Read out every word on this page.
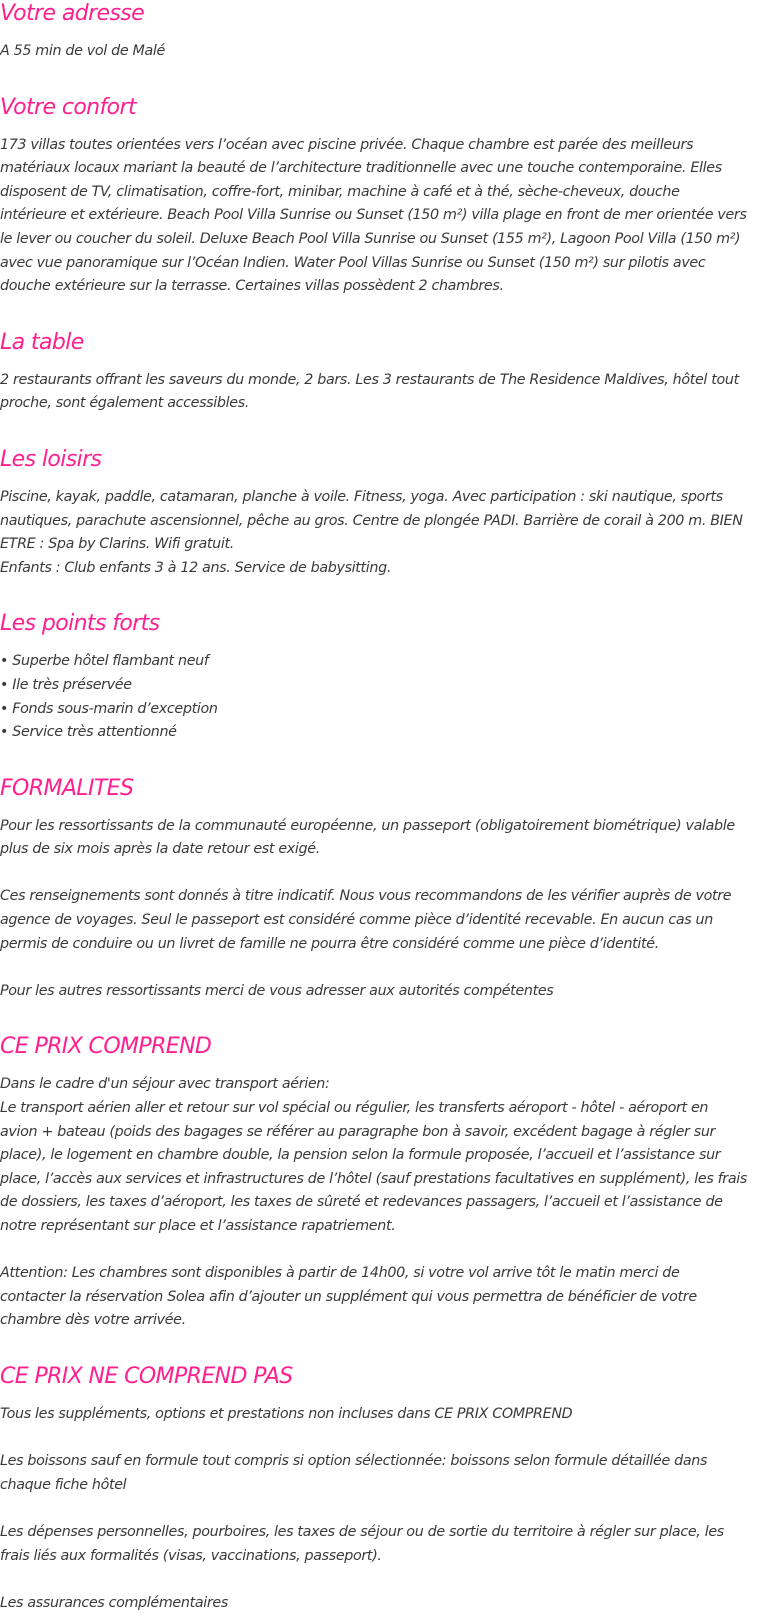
Votre adresse

A 55 min de vol de Malé

Votre confort

173 villas toutes orientées vers l’océan avec piscine privée. Chaque chambre est parée des meilleurs matériaux locaux mariant la beauté de l’architecture traditionnelle avec une touche contemporaine. Elles disposent de TV, climatisation, coffre-fort, minibar, machine à café et à thé, sèche-cheveux, douche intérieure et extérieure. Beach Pool Villa Sunrise ou Sunset (150 m²) villa plage en front de mer orientée vers le lever ou coucher du soleil. Deluxe Beach Pool Villa Sunrise ou Sunset (155 m²), Lagoon Pool Villa (150 m²) avec vue panoramique sur l’Océan Indien. Water Pool Villas Sunrise ou Sunset (150 m²) sur pilotis avec douche extérieure sur la terrasse. Certaines villas possèdent 2 chambres.

La table

2 restaurants offrant les saveurs du monde, 2 bars. Les 3 restaurants de The Residence Maldives, hôtel tout proche, sont également accessibles.

Les loisirs

Piscine, kayak, paddle, catamaran, planche à voile. Fitness, yoga. Avec participation : ski nautique, sports nautiques, parachute ascensionnel, pêche au gros. Centre de plongée PADI. Barrière de corail à 200 m. BIEN ETRE : Spa by Clarins. Wifi gratuit.

Enfants : Club enfants 3 à 12 ans. Service de babysitting.

Les points forts
• Superbe hôtel flambant neuf
• Ile très préservée
• Fonds sous-marin d’exception
• Service très attentionné
FORMALITES

Pour les ressortissants de la communauté européenne, un passeport (obligatoirement biométrique) valable plus de six mois après la date retour est exigé.

Ces renseignements sont donnés à titre indicatif. Nous vous recommandons de les vérifier auprès de votre agence de voyages. Seul le passeport est considéré comme pièce d’identité recevable. En aucun cas un permis de conduire ou un livret de famille ne pourra être considéré comme une pièce d’identité.

Pour les autres ressortissants merci de vous adresser aux autorités compétentes

CE PRIX COMPREND

Dans le cadre d'un séjour avec transport aérien:

Le transport aérien aller et retour sur vol spécial ou régulier, les transferts aéroport - hôtel - aéroport en avion + bateau (poids des bagages se référer au paragraphe bon à savoir, excédent bagage à régler sur place), le logement en chambre double, la pension selon la formule proposée, l’accueil et l’assistance sur place, l’accès aux services et infrastructures de l’hôtel (sauf prestations facultatives en supplément), les frais de dossiers, les taxes d’aéroport, les taxes de sûreté et redevances passagers, l’accueil et l’assistance de notre représentant sur place et l’assistance rapatriement.

Attention: Les chambres sont disponibles à partir de 14h00, si votre vol arrive tôt le matin merci de contacter la réservation Solea afin d’ajouter un supplément qui vous permettra de bénéficier de votre chambre dès votre arrivée.

CE PRIX NE COMPREND PAS

Tous les suppléments, options et prestations non incluses dans CE PRIX COMPREND

Les boissons sauf en formule tout compris si option sélectionnée: boissons selon formule détaillée dans chaque fiche hôtel

Les dépenses personnelles, pourboires, les taxes de séjour ou de sortie du territoire à régler sur place, les frais liés aux formalités (visas, vaccinations, passeport).

Les assurances complémentaires
